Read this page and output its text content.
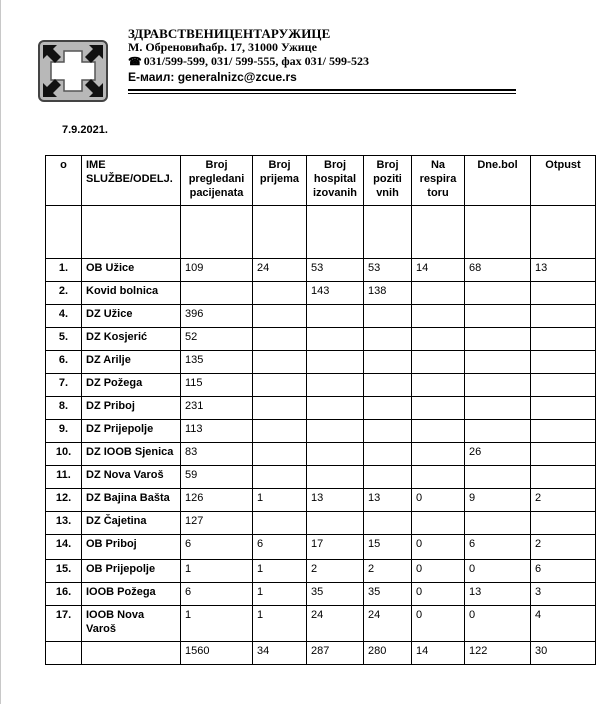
ЗДРАВСТВЕНИЦЕНТАРУЖИЦЕ
М. Обреновићабр. 17, 31000 Ужице
☎ 031/599-599, 031/ 599-555, фах 031/ 599-523
Е-маил: generalnizc@zcue.rs
7.9.2021.
o	IME SLUŽBE/ODELJ.	Broj pregledani pacijenata	Broj prijema	Broj hospital izovanih	Broj poziti vnih	Na respira toru	Dne.bol	Otpust

1.	OB Užice	109	24	53	53	14	68	13
2.	Kovid bolnica			143	138			
4.	DZ Užice	396						
5.	DZ Kosjerić	52						
6.	DZ Arilje	135						
7.	DZ Požega	115						
8.	DZ Priboj	231						
9.	DZ Prijepolje	113						
10.	DZ IOOB Sjenica	83					26	
11.	DZ Nova Varoš	59						
12.	DZ Bajina Bašta	126	1	13	13	0	9	2
13.	DZ Čajetina	127						
14.	OB Priboj	6	6	17	15	0	6	2
15.	OB Prijepolje	1	1	2	2	0	0	6
16.	IOOB Požega	6	1	35	35	0	13	3
17.	IOOB Nova Varoš	1	1	24	24	0	0	4
		1560	34	287	280	14	122	30
